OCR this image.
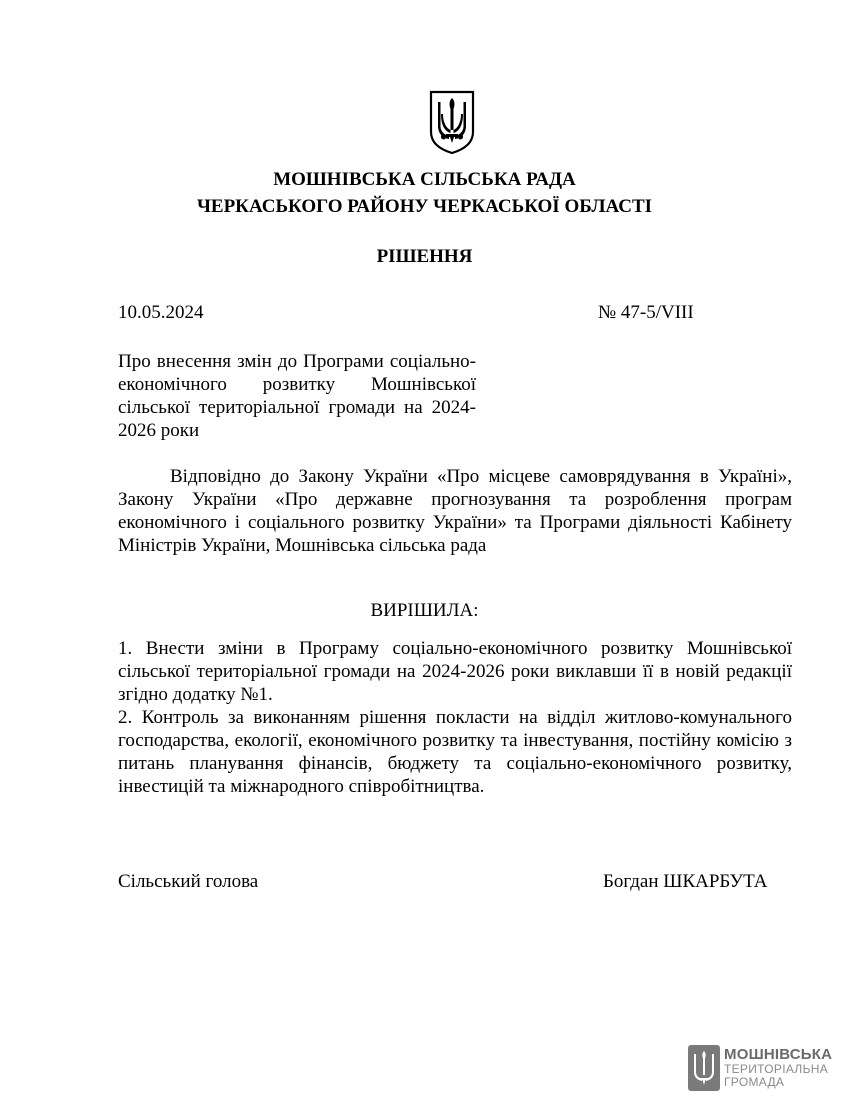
МОШНІВСЬКА СІЛЬСЬКА РАДА
ЧЕРКАСЬКОГО РАЙОНУ ЧЕРКАСЬКОЇ ОБЛАСТІ
РІШЕННЯ
10.05.2024	№ 47-5/VIII
Про внесення змін до Програми соціально-економічного розвитку Мошнівської сільської територіальної громади на 2024-2026 роки
Відповідно до Закону України «Про місцеве самоврядування в Україні», Закону України «Про державне прогнозування та розроблення програм економічного і соціального розвитку України» та Програми діяльності Кабінету Міністрів України, Мошнівська сільська рада
ВИРІШИЛА:
1. Внести зміни в Програму соціально-економічного розвитку Мошнівської сільської територіальної громади на 2024-2026 роки виклавши її в новій редакції згідно додатку №1.
2. Контроль за виконанням рішення покласти на відділ житлово-комунального господарства, екології, економічного розвитку та інвестування, постійну комісію з питань планування фінансів, бюджету та соціально-економічного розвитку, інвестицій та міжнародного співробітництва.
Сільський голова	Богдан ШКАРБУТА
МОШНІВСЬКА
ТЕРИТОРІАЛЬНА
ГРОМАДА
